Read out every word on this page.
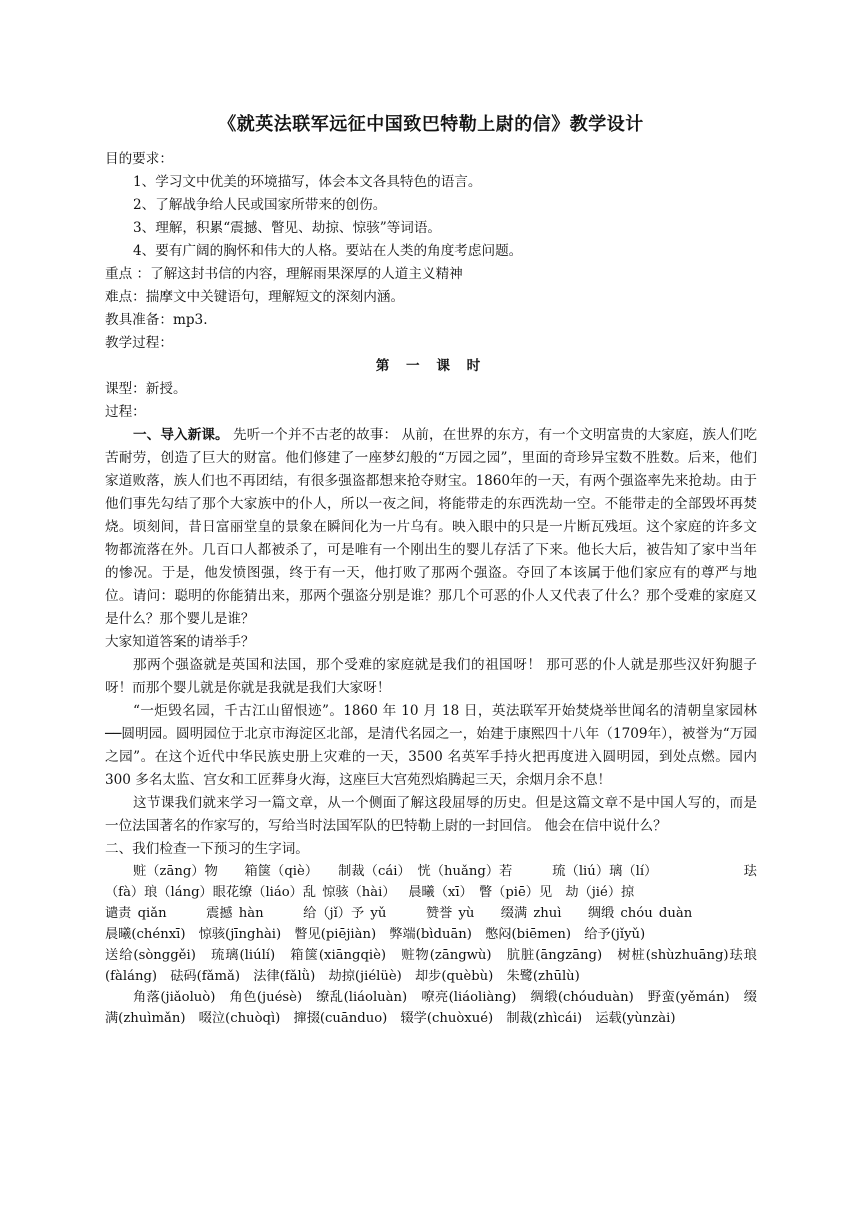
《就英法联军远征中国致巴特勒上尉的信》教学设计
目的要求：
1、学习文中优美的环境描写，体会本文各具特色的语言。
2、了解战争给人民或国家所带来的创伤。
3、理解，积累“震撼、瞥见、劫掠、惊骇”等词语。
4、要有广阔的胸怀和伟大的人格。要站在人类的角度考虑问题。
重点 ：了解这封书信的内容，理解雨果深厚的人道主义精神
难点：揣摩文中关键语句，理解短文的深刻内涵。
教具准备：mp3.
教学过程：
第 一 课 时
课型：新授。
过程：

一、导入新课。 先听一个并不古老的故事： 从前，在世界的东方，有一个文明富贵的大家庭，族人们吃苦耐劳，创造了巨大的财富。他们修建了一座梦幻般的“万园之园”，里面的奇珍异宝数不胜数。后来，他们家道败落，族人们也不再团结，有很多强盗都想来抢夺财宝。1860年的一天，有两个强盗率先来抢劫。由于他们事先勾结了那个大家族中的仆人，所以一夜之间，将能带走的东西洗劫一空。不能带走的全部毁坏再焚烧。顷刻间，昔日富丽堂皇的景象在瞬间化为一片乌有。映入眼中的只是一片断瓦残垣。这个家庭的许多文物都流落在外。几百口人都被杀了，可是唯有一个刚出生的婴儿存活了下来。他长大后，被告知了家中当年的惨况。于是，他发愤图强，终于有一天，他打败了那两个强盗。夺回了本该属于他们家应有的尊严与地位。请问：聪明的你能猜出来，那两个强盗分别是谁？那几个可恶的仆人又代表了什么？那个受难的家庭又是什么？那个婴儿是谁？

大家知道答案的请举手？

那两个强盗就是英国和法国，那个受难的家庭就是我们的祖国呀！ 那可恶的仆人就是那些汉奸狗腿子呀！而那个婴儿就是你就是我就是我们大家呀！

“一炬毁名园，千古江山留恨迹”。1860 年 10 月 18 日，英法联军开始焚烧举世闻名的清朝皇家园林──圆明园。圆明园位于北京市海淀区北部，是清代名园之一，始建于康熙四十八年（1709年），被誉为“万园之园”。在这个近代中华民族史册上灾难的一天，3500 名英军手持火把再度进入圆明园，到处点燃。园内 300 多名太监、宫女和工匠葬身火海，这座巨大宫苑烈焰腾起三天，余烟月余不息！

这节课我们就来学习一篇文章，从一个侧面了解这段屈辱的历史。但是这篇文章不是中国人写的，而是一位法国著名的作家写的，写给当时法国军队的巴特勒上尉的一封回信。 他会在信中说什么？

二、我们检查一下预习的生字词。

赃（zāng）物　　箱箧（qiè）　　制裁（cái）　恍（huǎng）若　　　琉（liú）璃（lí）　　　　　　　珐（fà）琅（láng）眼花缭（liáo）乱 惊骇（hài）　 晨曦（xī） 瞥（piē）见　劫（jié）掠

谴责 qiǎn　　　震撼 hàn　　　给（jǐ）予 yǔ　　　赞誉 yù　　缀满 zhuì　　绸缎 chóu duàn

晨曦(chénxī)　惊骇(jīnghài)　瞥见(piējiàn)　弊端(bìduān)　憋闷(biēmen)　给予(jǐyǔ)

送给(sònggěi)　琉璃(liúlí)　箱箧(xiāngqiè)　赃物(zāngwù)　肮脏(āngzāng)　树桩(shùzhuāng)珐琅(fàláng)　砝码(fǎmǎ)　法律(fǎlǜ)　劫掠(jiélüè)　却步(quèbù)　朱鹭(zhūlù)

角落(jiǎoluò)　角色(juésè)　缭乱(liáoluàn)　嘹亮(liáoliàng)　绸缎(chóuduàn)　野蛮(yěmán)　缀满(zhuìmǎn)　啜泣(chuòqì)　撺掇(cuānduo)　辍学(chuòxué)　制裁(zhìcái)　运载(yùnzài)
